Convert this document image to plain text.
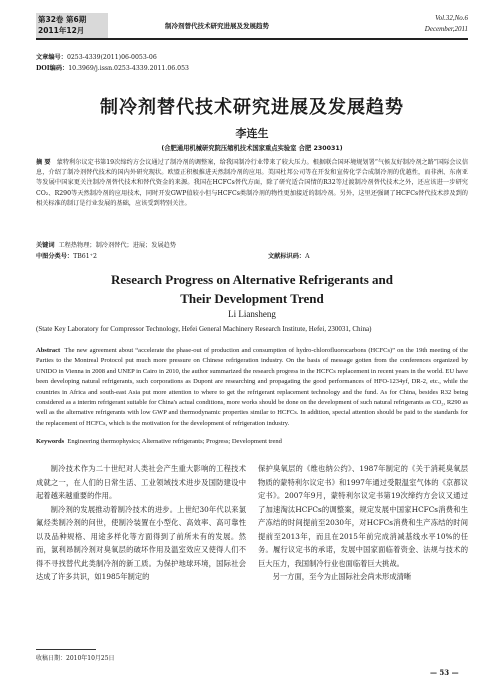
第32卷 第6期
2011年12月	制冷剂替代技术研究进展及发展趋势
Vol.32,No.6
December,2011
文章编号：0253-4339(2011)06-0053-06
DOI编码：10.3969/j.issn.0253-4339.2011.06.053
制冷剂替代技术研究进展及发展趋势
李连生
(合肥通用机械研究院压缩机技术国家重点实验室 合肥 230031)
摘 要 蒙特利尔议定书第19次缔约方会议通过了制冷剂的调整案，给我国制冷行业带来了较大压力。根据联合国环境规划署“气候友好制冷剂之路”国际会议信息，介绍了制冷剂替代技术的国内外研究现状。欧盟正积极推进天然制冷剂的应用。美国杜邦公司等在开发和宣传化学合成制冷剂的优越性，而非洲、东南亚等发展中国家更关注制冷剂替代技术和替代资金的来源。我国在HCFCs替代方面，除了研究适合国情的R32等过渡制冷剂替代技术之外，还应该进一步研究CO₂、R290等天然制冷剂的应用技术，同时开发GWP值较小但与HCFCs类制冷剂的物性更加接近的制冷剂。另外，这里还强调了HCFCs替代技术涉及到的相关标准的制订是行业发展的基础，应该受到特别关注。
关键词 工程热物理；制冷剂替代；进展；发展趋势
中图分类号：TB61⁺2	文献标识码：A
Research Progress on Alternative Refrigerants and
Their Development Trend
Li Liansheng
(State Key Laboratory for Compressor Technology, Hefei General Machinery Research Institute, Hefei, 230031, China)
Abstract The new agreement about “accelerate the phase-out of production and consumption of hydro-chlorofluorocarbons (HCFCs)” on the 19th meeting of the Parties to the Montreal Protocol put much more pressure on Chinese refrigeration industry. On the basis of message gotten from the conferences organized by UNIDO in Vienna in 2008 and UNEP in Cairo in 2010, the author summarized the research progress in the HCFCs replacement in recent years in the world. EU have been developing natural refrigerants, such corporations as Dupont are researching and propagating the good performances of HFO-1234yf, DR-2, etc., while the countries in Africa and south-east Asia put more attention to where to get the refrigerant replacement technology and the fund. As for China, besides R32 being considered as a interim refrigerant suitable for China's actual conditions, more works should be done on the development of such natural refrigerants as CO₂, R290 as well as the alternative refrigerants with low GWP and thermodynamic properties similar to HCFCs. In addition, special attention should be paid to the standards for the replacement of HCFCs, which is the motivation for the development of refrigeration industry.
Keywords Engineering thermophysics; Alternative refrigerants; Progress; Development trend

制冷技术作为二十世纪对人类社会产生重大影响的工程技术成就之一，在人们的日常生活、工业领域技术进步及国防建设中起着越来越重要的作用。

制冷剂的发展推动着制冷技术的进步。上世纪30年代以来氯氟烃类制冷剂的问世，使制冷装置在小型化、高效率、高可靠性以及品种规格、用途多样化等方面得到了前所未有的发展。然而，氯利昂制冷剂对臭氧层的破坏作用及温室效应又使得人们不得不寻找替代此类制冷剂的新工质。为保护地球环境，国际社会达成了许多共识，如1985年制定的

保护臭氧层的《维也纳公约》、1987年制定的《关于消耗臭氧层物质的蒙特利尔议定书》和1997年通过受限温室气体的《京都议定书》。2007年9月，蒙特利尔议定书第19次缔约方会议又通过了加速淘汰HCFCs的调整案，规定发展中国家HCFCs消费和生产冻结的时间提前至2030年，对HCFCs消费和生产冻结的时间提前至2013年，而且在2015年前完成消减基线水平10%的任务。履行议定书的承诺，发展中国家面临着资金、法规与技术的巨大压力，我国制冷行业也面临着巨大挑战。

另一方面，至今为止国际社会尚未形成清晰

收稿日期：2010年10月25日
— 53 —
